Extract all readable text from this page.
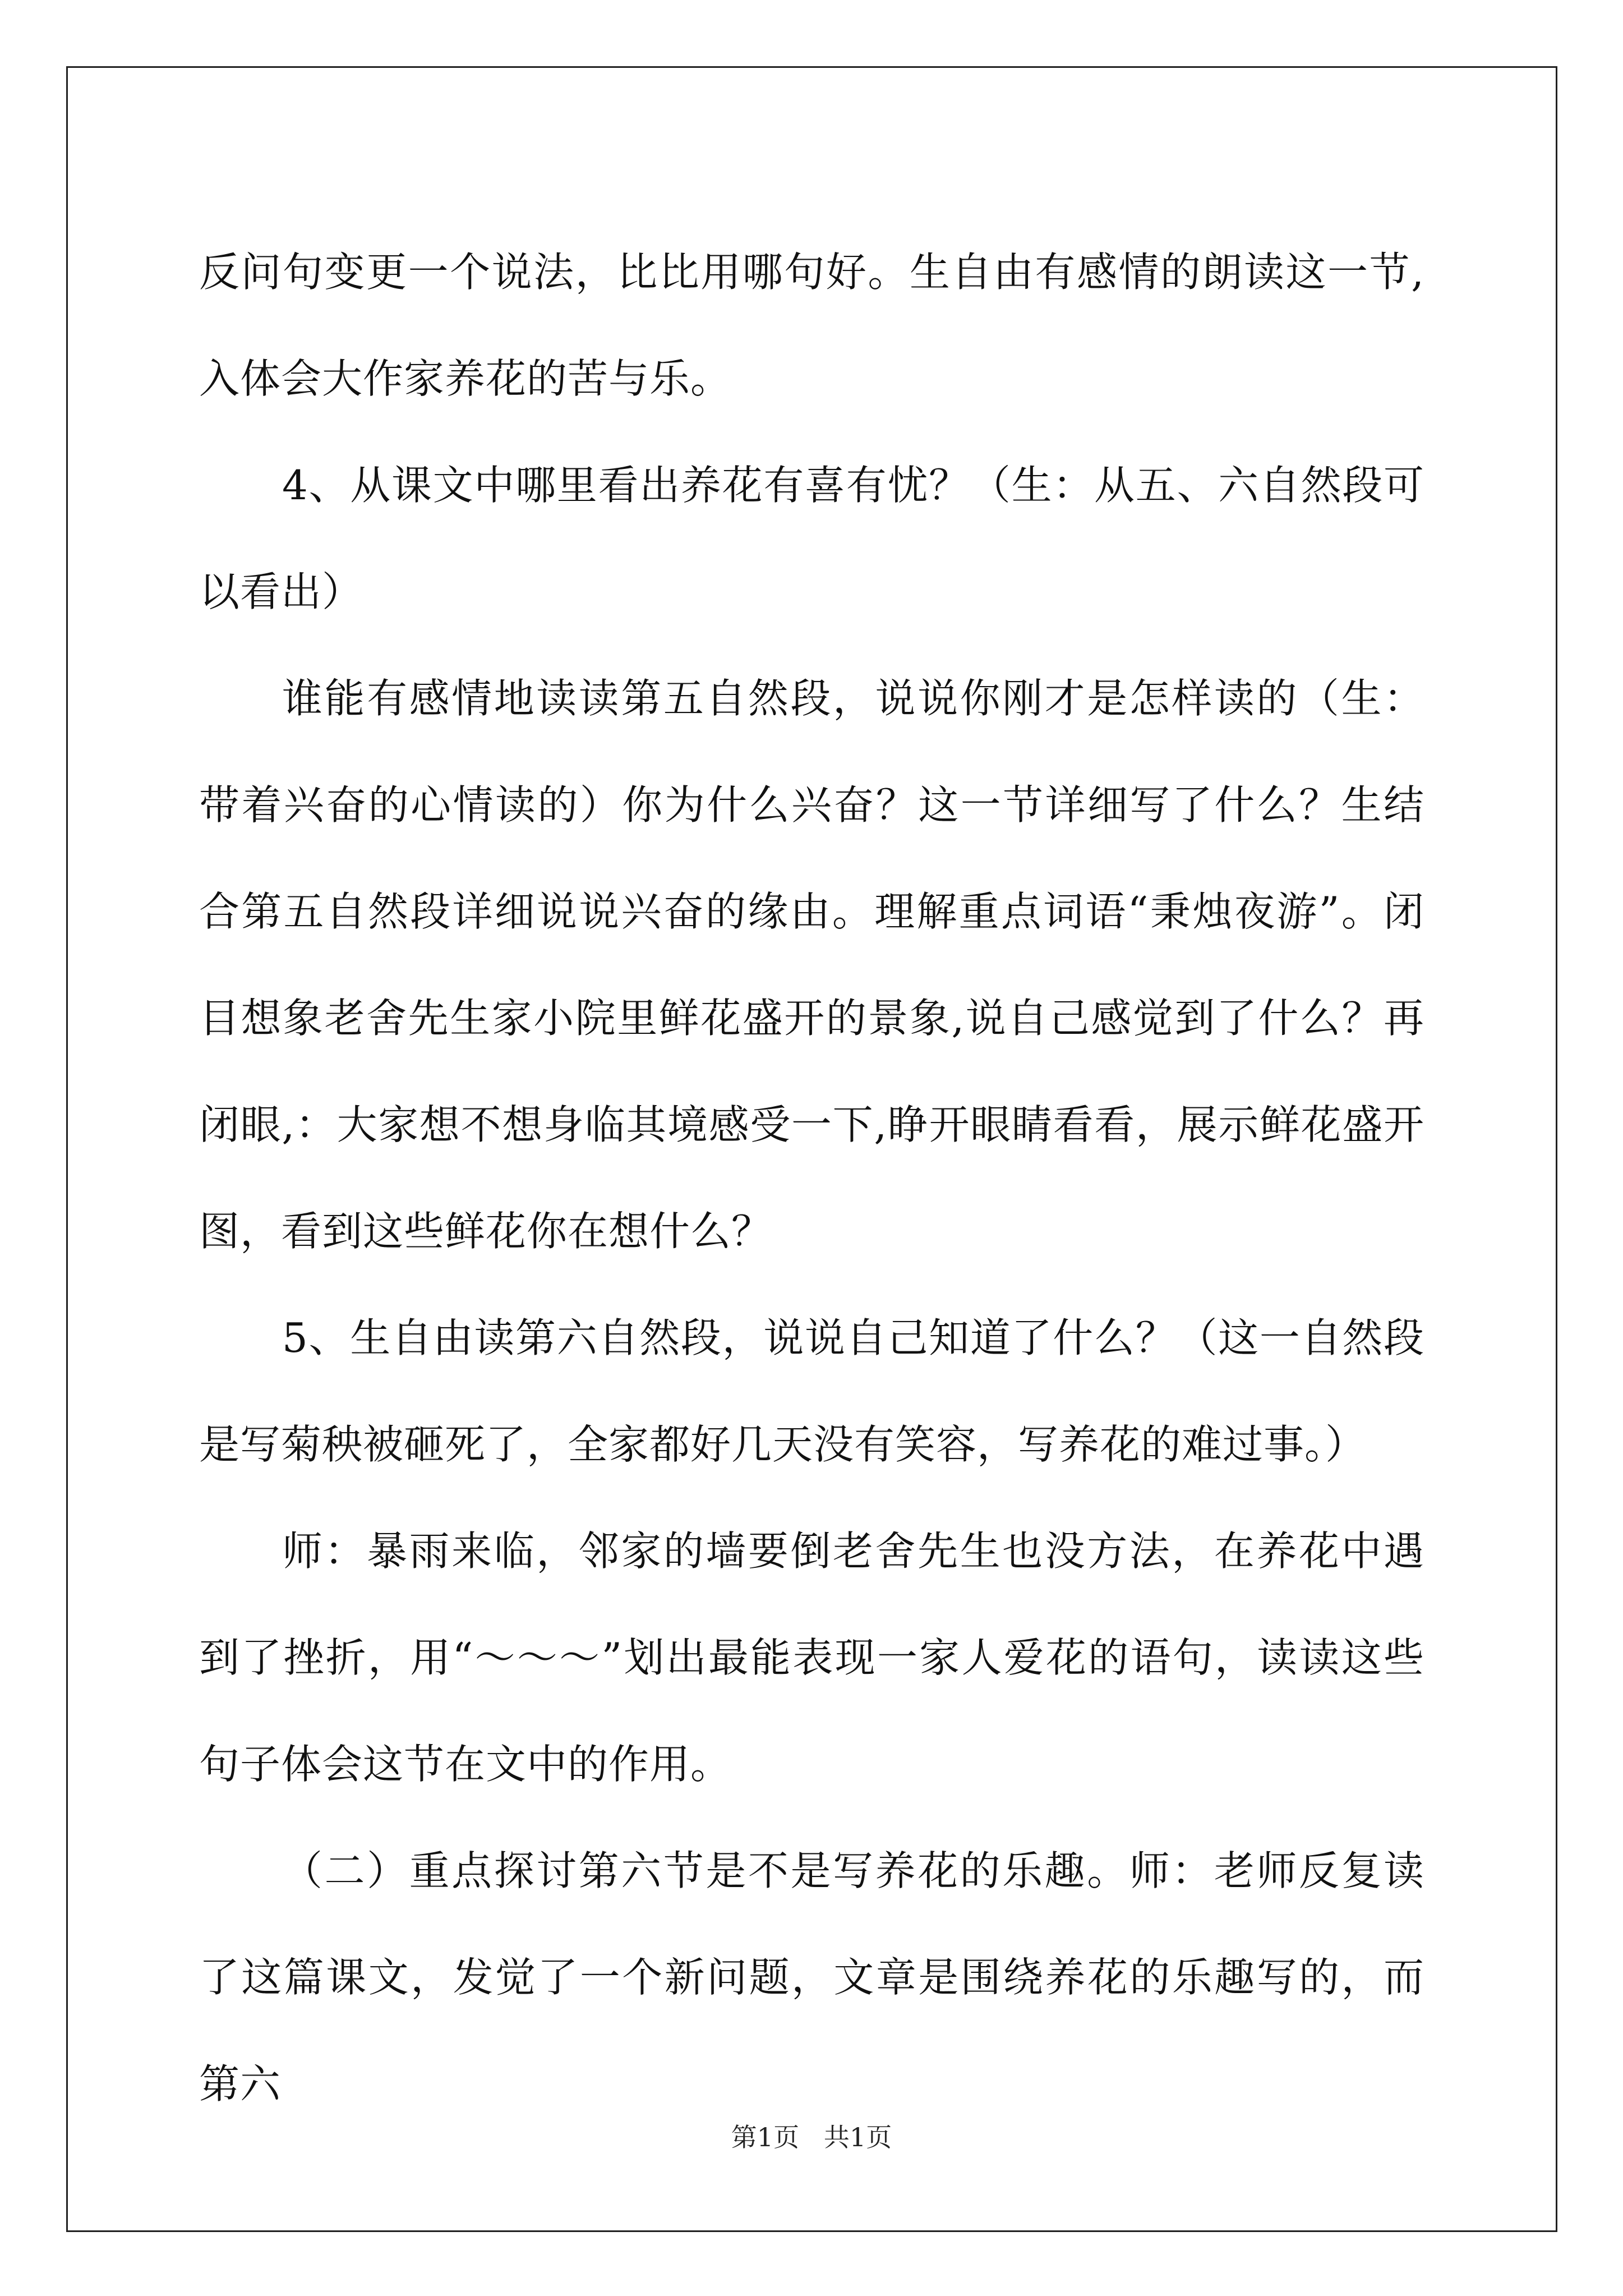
反问句变更一个说法，比比用哪句好。生自由有感情的朗读这一节,入体会大作家养花的苦与乐。

4、从课文中哪里看出养花有喜有忧？（生：从五、六自然段可以看出）

谁能有感情地读读第五自然段，说说你刚才是怎样读的（生：带着兴奋的心情读的）你为什么兴奋？这一节详细写了什么？生结合第五自然段详细说说兴奋的缘由。理解重点词语“秉烛夜游”。闭目想象老舍先生家小院里鲜花盛开的景象,说自己感觉到了什么？再闭眼,：大家想不想身临其境感受一下,睁开眼睛看看，展示鲜花盛开图，看到这些鲜花你在想什么？

5、生自由读第六自然段，说说自己知道了什么？（这一自然段是写菊秧被砸死了，全家都好几天没有笑容，写养花的难过事。）

师：暴雨来临，邻家的墙要倒老舍先生也没方法，在养花中遇到了挫折，用“～～～”划出最能表现一家人爱花的语句，读读这些句子体会这节在文中的作用。

（二）重点探讨第六节是不是写养花的乐趣。师：老师反复读了这篇课文，发觉了一个新问题，文章是围绕养花的乐趣写的，而第六

第1页   共1页
